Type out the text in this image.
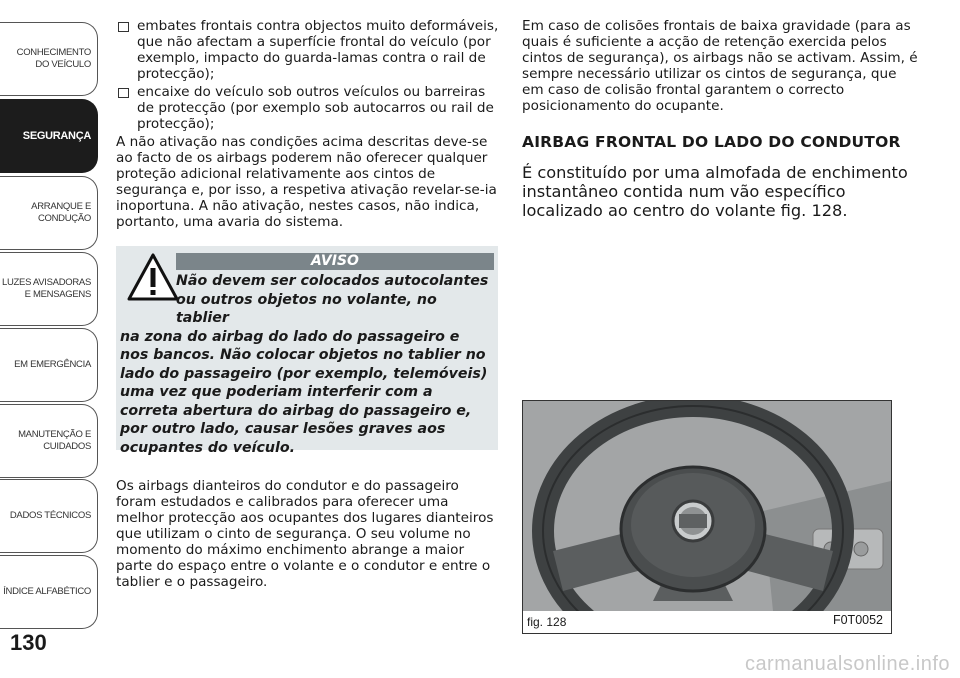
CONHECIMENTO
DO VEÍCULO
SEGURANÇA
ARRANQUE E
CONDUÇÃO
LUZES AVISADORAS
E MENSAGENS
EM EMERGÊNCIA
MANUTENÇÃO E
CUIDADOS
DADOS TÉCNICOS
ÍNDICE ALFABÉTICO
130
embates frontais contra objectos muito deformáveis, que não afectam a superfície frontal do veículo (por exemplo, impacto do guarda-lamas contra o rail de protecção);
encaixe do veículo sob outros veículos ou barreiras de protecção (por exemplo sob autocarros ou rail de protecção);

A não ativação nas condições acima descritas deve-se ao facto de os airbags poderem não oferecer qualquer proteção adicional relativamente aos cintos de segurança e, por isso, a respetiva ativação revelar-se-ia inoportuna. A não ativação, nestes casos, não indica, portanto, uma avaria do sistema.

AVISO
Não devem ser colocados autocolantes ou outros objetos no volante, no tablier
na zona do airbag do lado do passageiro e nos bancos. Não colocar objetos no tablier no lado do passageiro (por exemplo, telemóveis) uma vez que poderiam interferir com a correta abertura do airbag do passageiro e, por outro lado, causar lesões graves aos ocupantes do veículo.

Os airbags dianteiros do condutor e do passageiro foram estudados e calibrados para oferecer uma melhor protecção aos ocupantes dos lugares dianteiros que utilizam o cinto de segurança. O seu volume no momento do máximo enchimento abrange a maior parte do espaço entre o volante e o condutor e entre o tablier e o passageiro.

Em caso de colisões frontais de baixa gravidade (para as quais é suficiente a acção de retenção exercida pelos cintos de segurança), os airbags não se activam. Assim, é sempre necessário utilizar os cintos de segurança, que em caso de colisão frontal garantem o correcto posicionamento do ocupante.

AIRBAG FRONTAL DO LADO DO CONDUTOR

É constituído por uma almofada de enchimento instantâneo contida num vão específico localizado ao centro do volante fig. 128.

fig. 128	F0T0052
carmanualsonline.info
